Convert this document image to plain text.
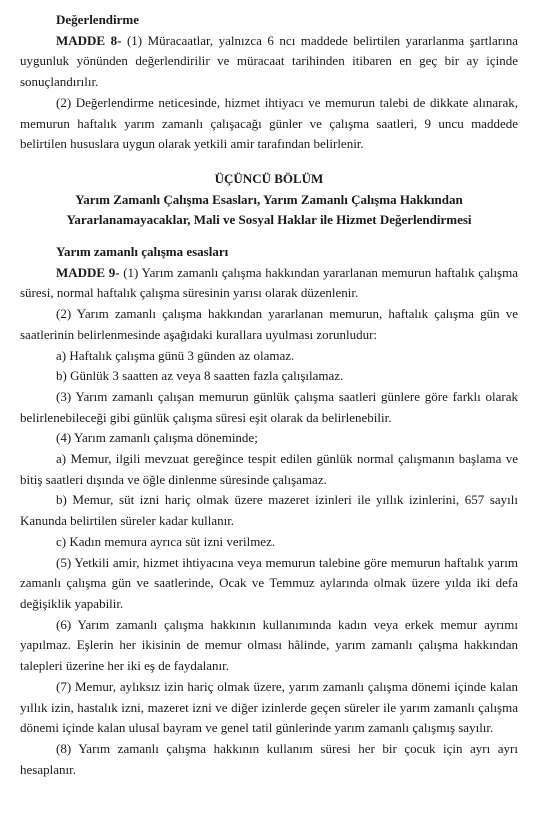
Değerlendirme

MADDE 8- (1) Müracaatlar, yalnızca 6 ncı maddede belirtilen yararlanma şartlarına uygunluk yönünden değerlendirilir ve müracaat tarihinden itibaren en geç bir ay içinde sonuçlandırılır.

(2) Değerlendirme neticesinde, hizmet ihtiyacı ve memurun talebi de dikkate alınarak, memurun haftalık yarım zamanlı çalışacağı günler ve çalışma saatleri, 9 uncu maddede belirtilen hususlara uygun olarak yetkili amir tarafından belirlenir.

ÜÇÜNCÜ BÖLÜM

Yarım Zamanlı Çalışma Esasları, Yarım Zamanlı Çalışma Hakkından

Yararlanamayacaklar, Mali ve Sosyal Haklar ile Hizmet Değerlendirmesi

Yarım zamanlı çalışma esasları

MADDE 9- (1) Yarım zamanlı çalışma hakkından yararlanan memurun haftalık çalışma süresi, normal haftalık çalışma süresinin yarısı olarak düzenlenir.

(2) Yarım zamanlı çalışma hakkından yararlanan memurun, haftalık çalışma gün ve saatlerinin belirlenmesinde aşağıdaki kurallara uyulması zorunludur:

a) Haftalık çalışma günü 3 günden az olamaz.

b) Günlük 3 saatten az veya 8 saatten fazla çalışılamaz.

(3) Yarım zamanlı çalışan memurun günlük çalışma saatleri günlere göre farklı olarak belirlenebileceği gibi günlük çalışma süresi eşit olarak da belirlenebilir.

(4) Yarım zamanlı çalışma döneminde;

a) Memur, ilgili mevzuat gereğince tespit edilen günlük normal çalışmanın başlama ve bitiş saatleri dışında ve öğle dinlenme süresinde çalışamaz.

b) Memur, süt izni hariç olmak üzere mazeret izinleri ile yıllık izinlerini, 657 sayılı Kanunda belirtilen süreler kadar kullanır.

c) Kadın memura ayrıca süt izni verilmez.

(5) Yetkili amir, hizmet ihtiyacına veya memurun talebine göre memurun haftalık yarım zamanlı çalışma gün ve saatlerinde, Ocak ve Temmuz aylarında olmak üzere yılda iki defa değişiklik yapabilir.

(6) Yarım zamanlı çalışma hakkının kullanımında kadın veya erkek memur ayrımı yapılmaz. Eşlerin her ikisinin de memur olması hâlinde, yarım zamanlı çalışma hakkından talepleri üzerine her iki eş de faydalanır.

(7) Memur, aylıksız izin hariç olmak üzere, yarım zamanlı çalışma dönemi içinde kalan yıllık izin, hastalık izni, mazeret izni ve diğer izinlerde geçen süreler ile yarım zamanlı çalışma dönemi içinde kalan ulusal bayram ve genel tatil günlerinde yarım zamanlı çalışmış sayılır.

(8) Yarım zamanlı çalışma hakkının kullanım süresi her bir çocuk için ayrı ayrı hesaplanır.
